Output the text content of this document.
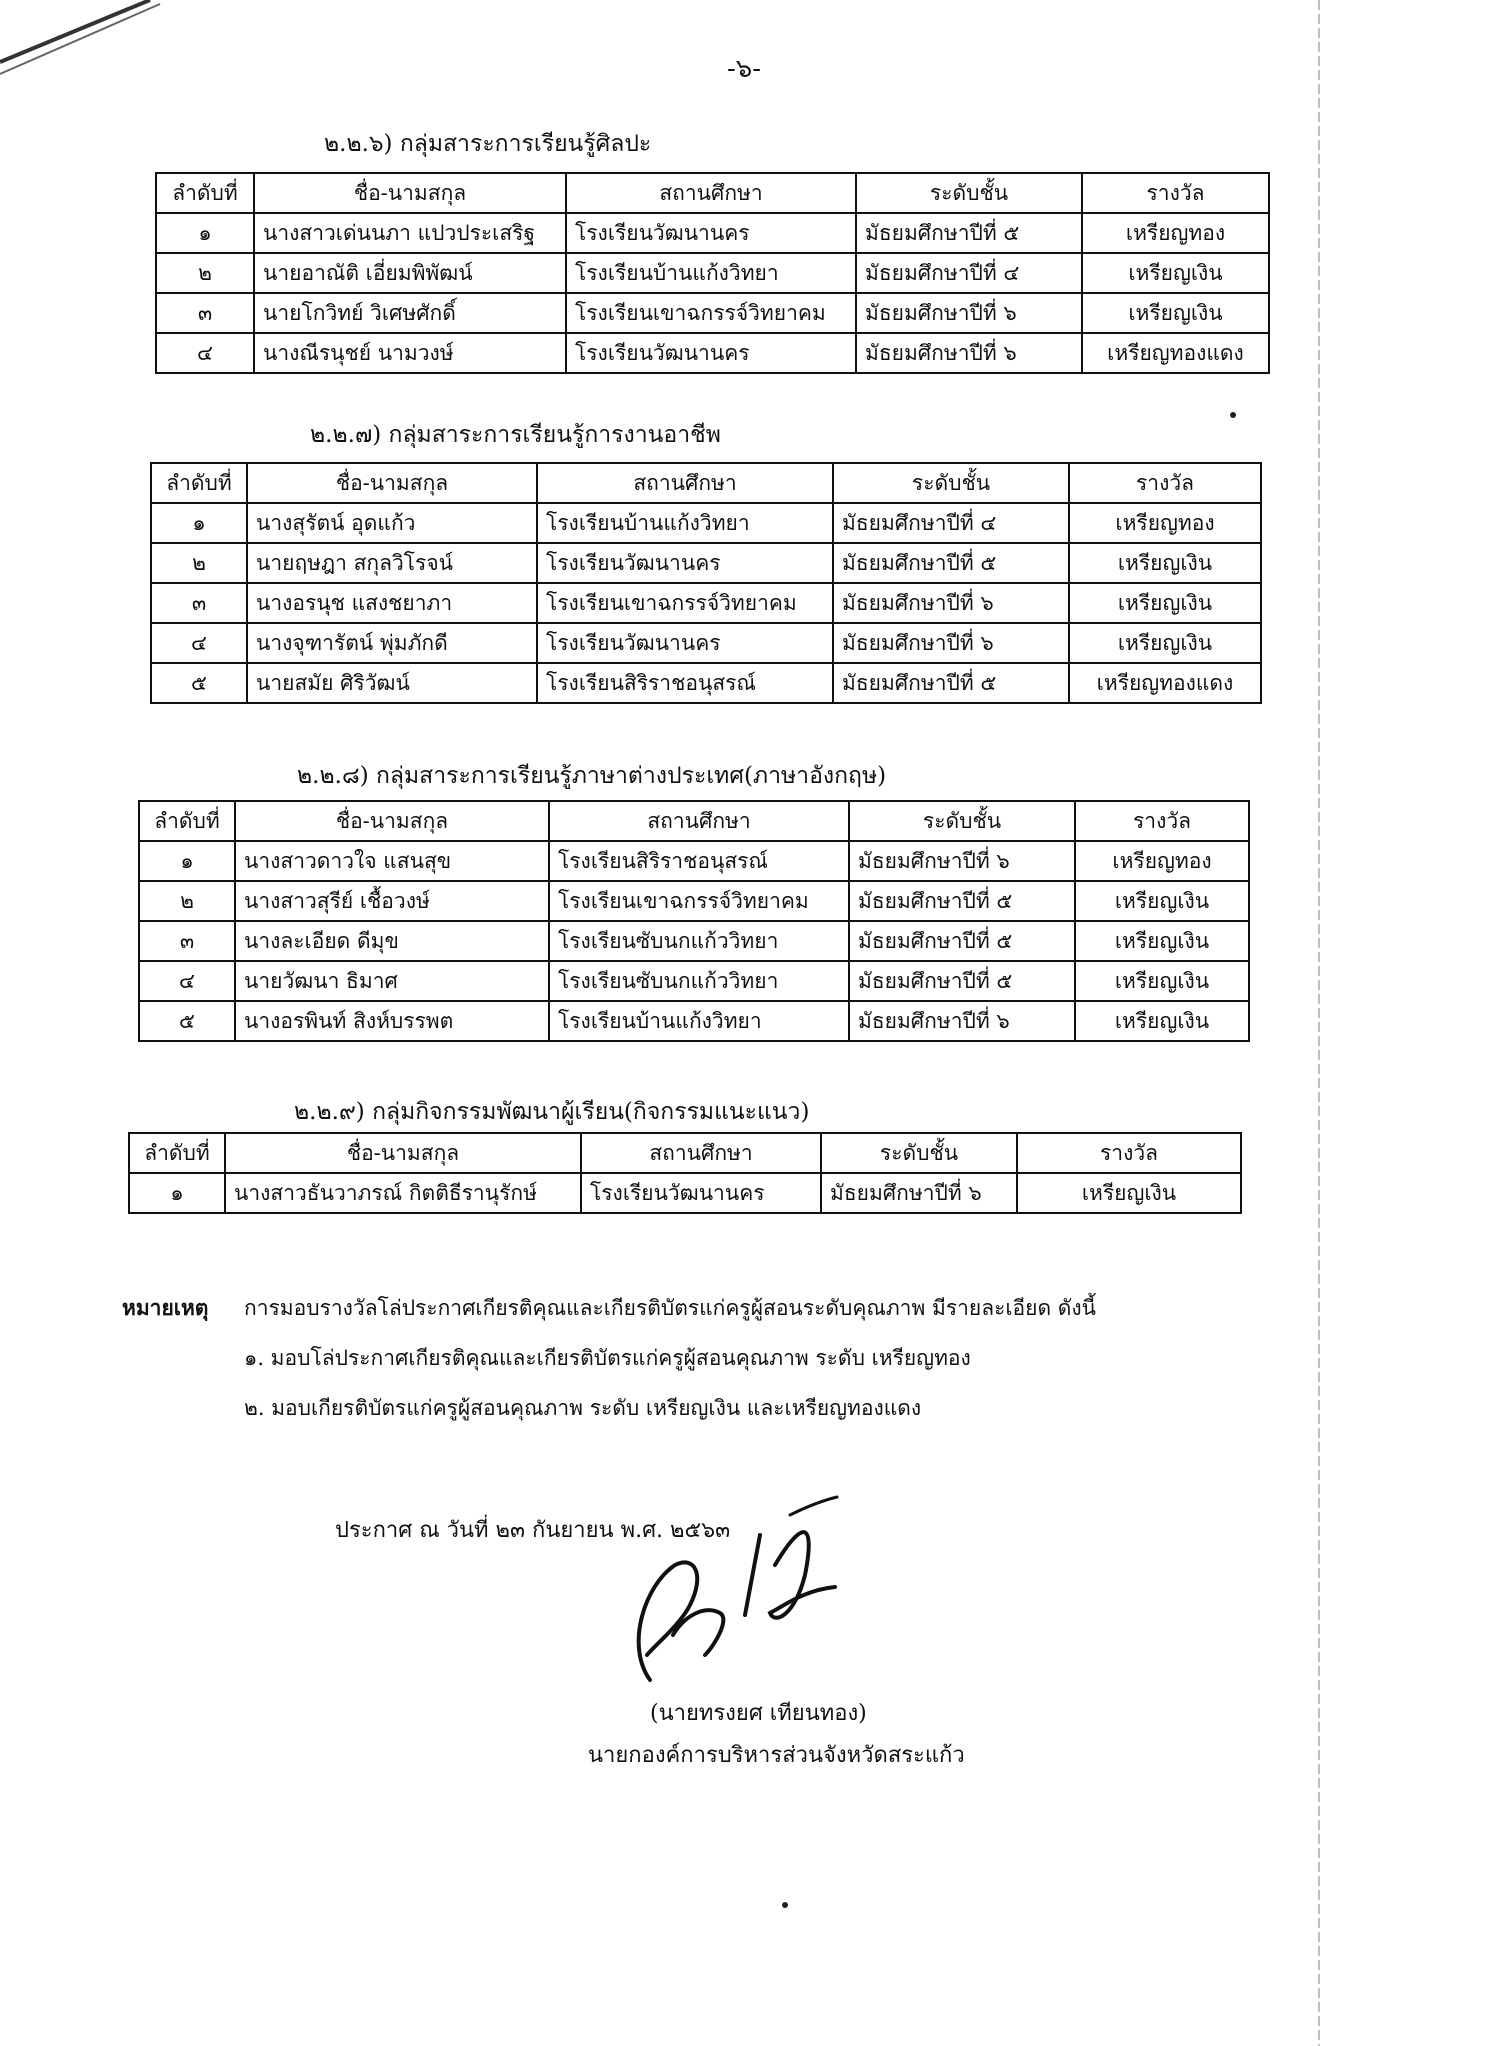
-๖-
๒.๒.๖) กลุ่มสาระการเรียนรู้ศิลปะ
ลำดับที่	ชื่อ-นามสกุล	สถานศึกษา	ระดับชั้น	รางวัล
๑	นางสาวเด่นนภา แปวประเสริฐ	โรงเรียนวัฒนานคร	มัธยมศึกษาปีที่ ๕	เหรียญทอง
๒	นายอาณัติ เอี่ยมพิพัฒน์	โรงเรียนบ้านแก้งวิทยา	มัธยมศึกษาปีที่ ๔	เหรียญเงิน
๓	นายโกวิทย์ วิเศษศักดิ์	โรงเรียนเขาฉกรรจ์วิทยาคม	มัธยมศึกษาปีที่ ๖	เหรียญเงิน
๔	นางณีรนุชย์ นามวงษ์	โรงเรียนวัฒนานคร	มัธยมศึกษาปีที่ ๖	เหรียญทองแดง
๒.๒.๗) กลุ่มสาระการเรียนรู้การงานอาชีพ
ลำดับที่	ชื่อ-นามสกุล	สถานศึกษา	ระดับชั้น	รางวัล
๑	นางสุรัตน์ อุดแก้ว	โรงเรียนบ้านแก้งวิทยา	มัธยมศึกษาปีที่ ๔	เหรียญทอง
๒	นายฤษฎา สกุลวิโรจน์	โรงเรียนวัฒนานคร	มัธยมศึกษาปีที่ ๕	เหรียญเงิน
๓	นางอรนุช แสงชยาภา	โรงเรียนเขาฉกรรจ์วิทยาคม	มัธยมศึกษาปีที่ ๖	เหรียญเงิน
๔	นางจุฑารัตน์ พุ่มภักดี	โรงเรียนวัฒนานคร	มัธยมศึกษาปีที่ ๖	เหรียญเงิน
๕	นายสมัย ศิริวัฒน์	โรงเรียนสิริราชอนุสรณ์	มัธยมศึกษาปีที่ ๕	เหรียญทองแดง
๒.๒.๘) กลุ่มสาระการเรียนรู้ภาษาต่างประเทศ(ภาษาอังกฤษ)
ลำดับที่	ชื่อ-นามสกุล	สถานศึกษา	ระดับชั้น	รางวัล
๑	นางสาวดาวใจ แสนสุข	โรงเรียนสิริราชอนุสรณ์	มัธยมศึกษาปีที่ ๖	เหรียญทอง
๒	นางสาวสุรีย์ เชื้อวงษ์	โรงเรียนเขาฉกรรจ์วิทยาคม	มัธยมศึกษาปีที่ ๕	เหรียญเงิน
๓	นางละเอียด ดีมุข	โรงเรียนซับนกแก้ววิทยา	มัธยมศึกษาปีที่ ๕	เหรียญเงิน
๔	นายวัฒนา ธิมาศ	โรงเรียนซับนกแก้ววิทยา	มัธยมศึกษาปีที่ ๕	เหรียญเงิน
๕	นางอรพินท์ สิงห์บรรพต	โรงเรียนบ้านแก้งวิทยา	มัธยมศึกษาปีที่ ๖	เหรียญเงิน
๒.๒.๙) กลุ่มกิจกรรมพัฒนาผู้เรียน(กิจกรรมแนะแนว)
ลำดับที่	ชื่อ-นามสกุล	สถานศึกษา	ระดับชั้น	รางวัล
๑	นางสาวธันวาภรณ์ กิตติธีรานุรักษ์	โรงเรียนวัฒนานคร	มัธยมศึกษาปีที่ ๖	เหรียญเงิน
หมายเหตุ การมอบรางวัลโล่ประกาศเกียรติคุณและเกียรติบัตรแก่ครูผู้สอนระดับคุณภาพ มีรายละเอียด ดังนี้
๑. มอบโล่ประกาศเกียรติคุณและเกียรติบัตรแก่ครูผู้สอนคุณภาพ ระดับ เหรียญทอง
๒. มอบเกียรติบัตรแก่ครูผู้สอนคุณภาพ ระดับ เหรียญเงิน และเหรียญทองแดง
ประกาศ ณ วันที่ ๒๓ กันยายน พ.ศ. ๒๕๖๓
(นายทรงยศ เทียนทอง)
นายกองค์การบริหารส่วนจังหวัดสระแก้ว
